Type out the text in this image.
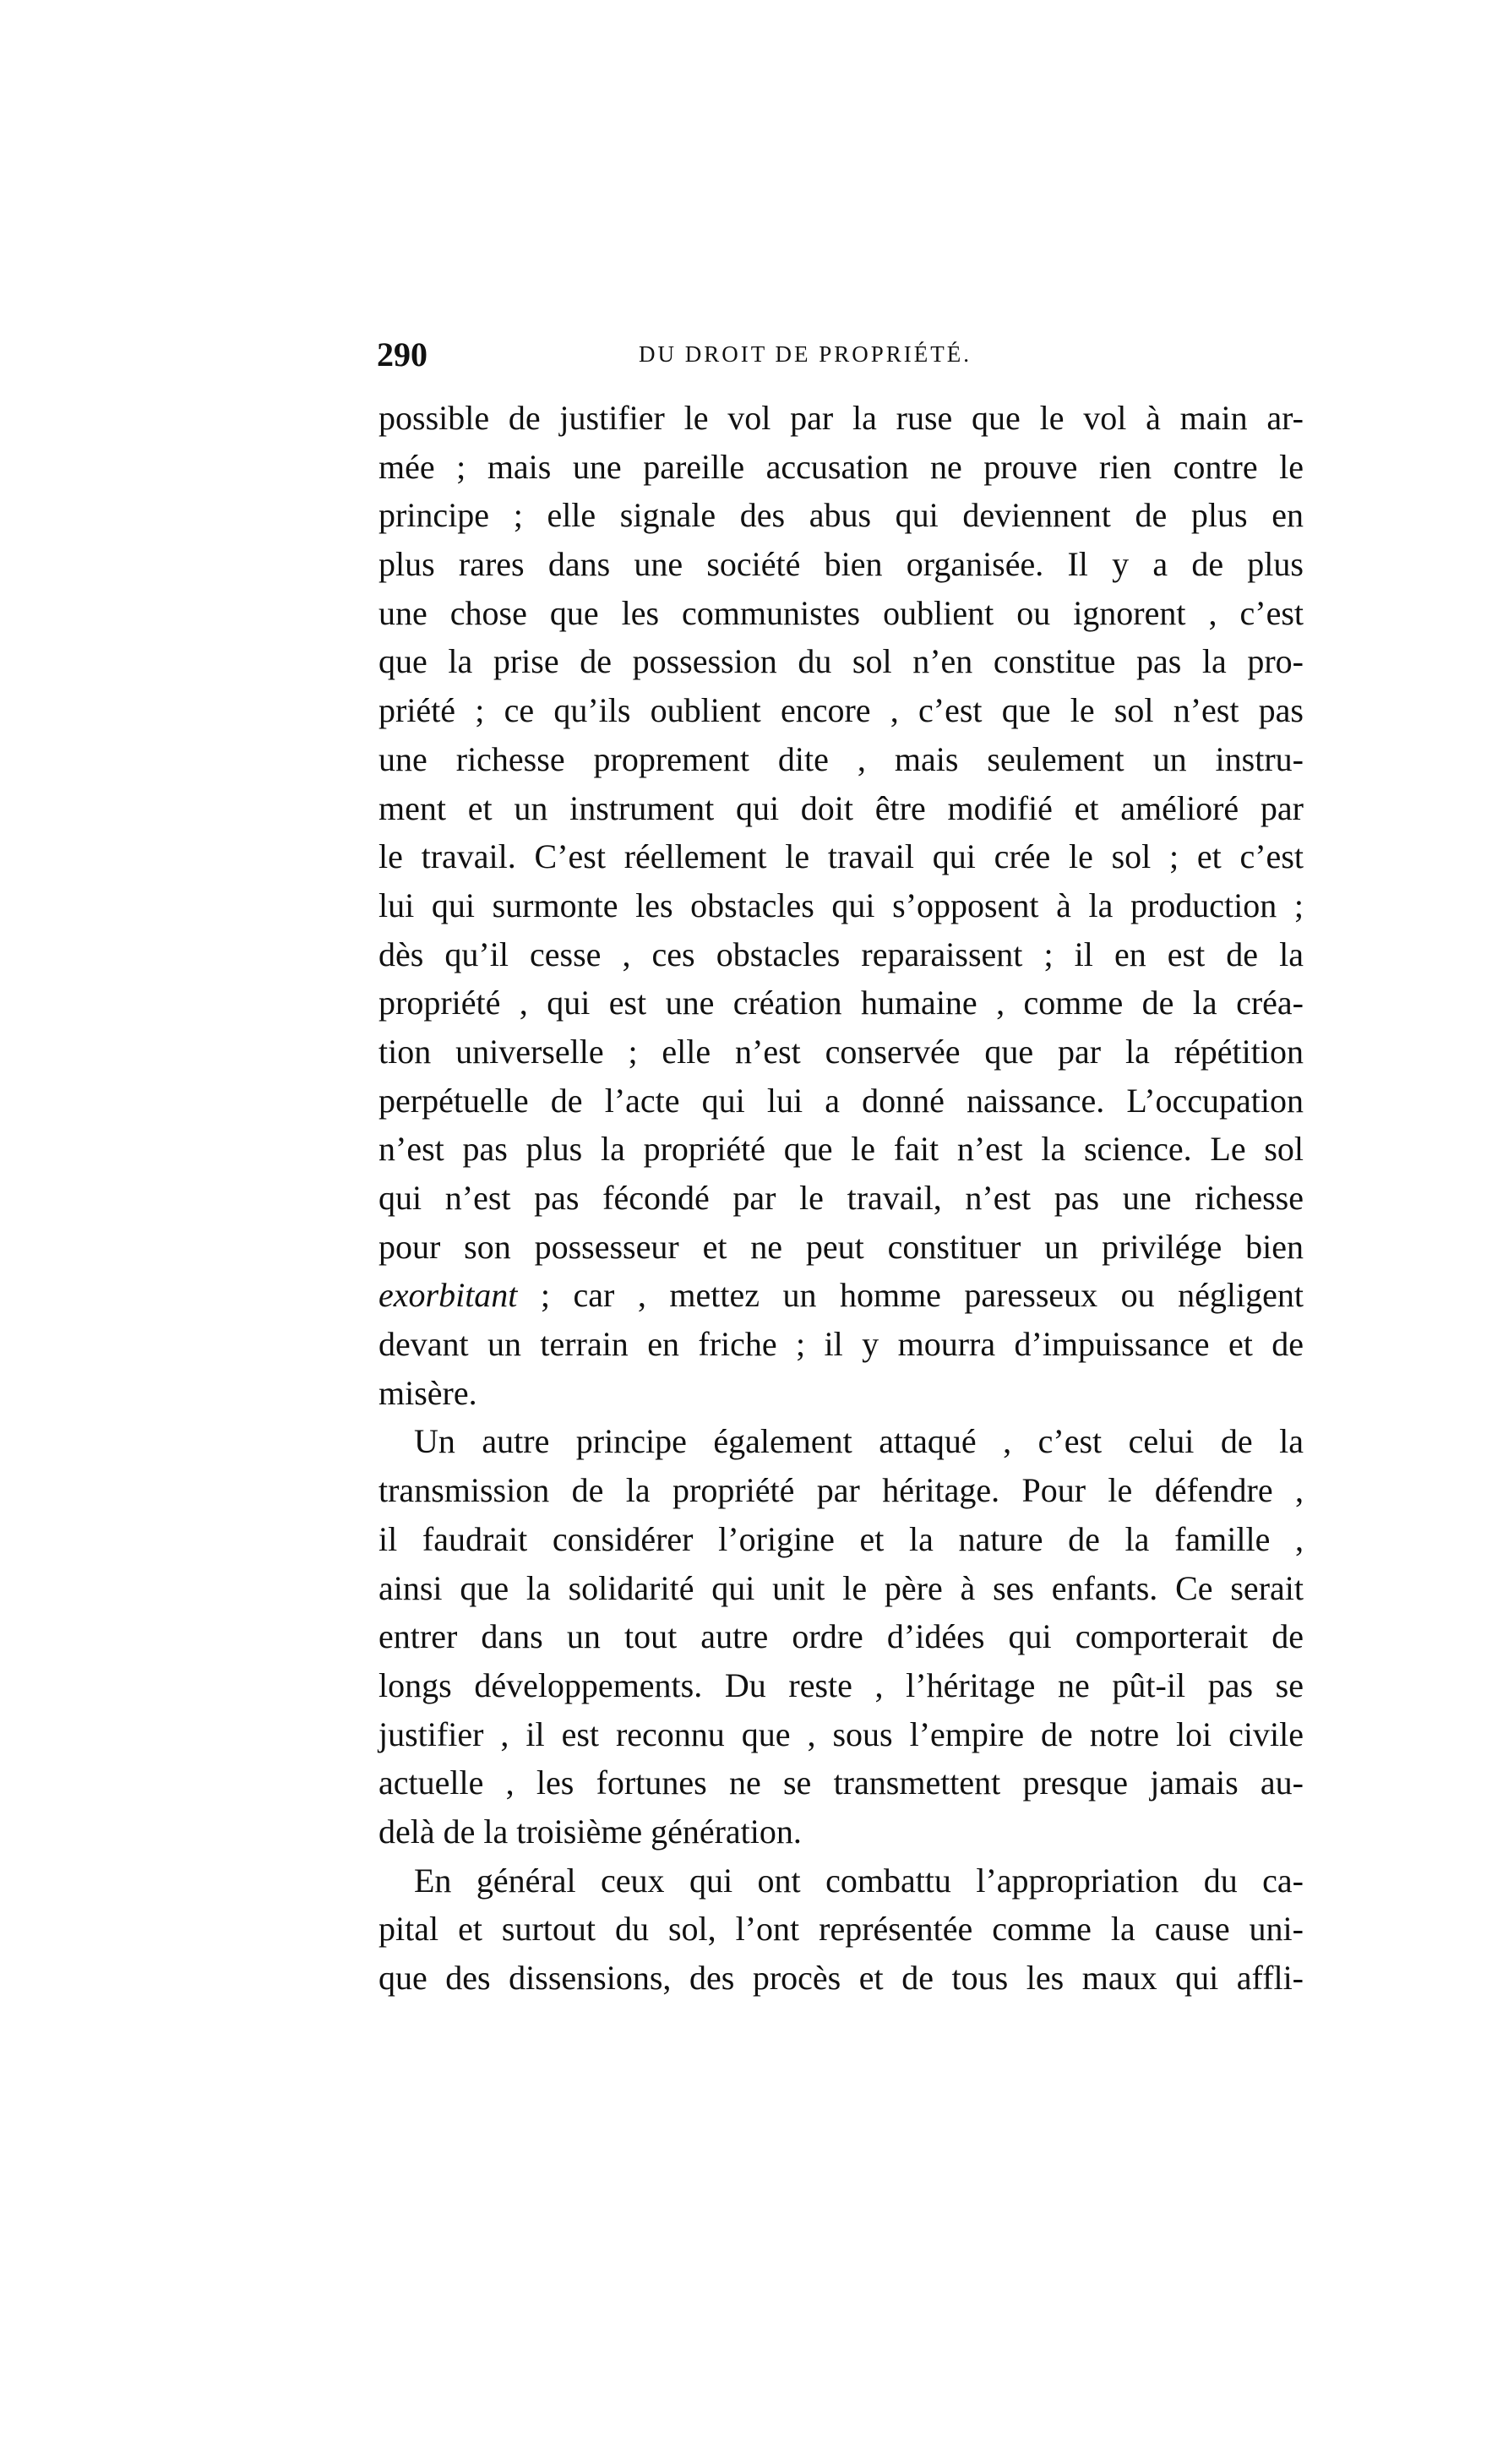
290	DU DROIT DE PROPRIÉTÉ.
possible de justifier le vol par la ruse que le vol à main ar-
mée ; mais une pareille accusation ne prouve rien contre le
principe ; elle signale des abus qui deviennent de plus en
plus rares dans une société bien organisée. Il y a de plus
une chose que les communistes oublient ou ignorent , c’est
que la prise de possession du sol n’en constitue pas la pro-
priété ; ce qu’ils oublient encore , c’est que le sol n’est pas
une richesse proprement dite , mais seulement un instru-
ment et un instrument qui doit être modifié et amélioré par
le travail. C’est réellement le travail qui crée le sol ; et c’est
lui qui surmonte les obstacles qui s’opposent à la production ;
dès qu’il cesse , ces obstacles reparaissent ; il en est de la
propriété , qui est une création humaine , comme de la créa-
tion universelle ; elle n’est conservée que par la répétition
perpétuelle de l’acte qui lui a donné naissance. L’occupation
n’est pas plus la propriété que le fait n’est la science. Le sol
qui n’est pas fécondé par le travail, n’est pas une richesse
pour son possesseur et ne peut constituer un privilége bien
exorbitant ; car , mettez un homme paresseux ou négligent
devant un terrain en friche ; il y mourra d’impuissance et de
misère.
Un autre principe également attaqué , c’est celui de la
transmission de la propriété par héritage. Pour le défendre ,
il faudrait considérer l’origine et la nature de la famille ,
ainsi que la solidarité qui unit le père à ses enfants. Ce serait
entrer dans un tout autre ordre d’idées qui comporterait de
longs développements. Du reste , l’héritage ne pût-il pas se
justifier , il est reconnu que , sous l’empire de notre loi civile
actuelle , les fortunes ne se transmettent presque jamais au-
delà de la troisième génération.
En général ceux qui ont combattu l’appropriation du ca-
pital et surtout du sol, l’ont représentée comme la cause uni-
que des dissensions, des procès et de tous les maux qui affli-
